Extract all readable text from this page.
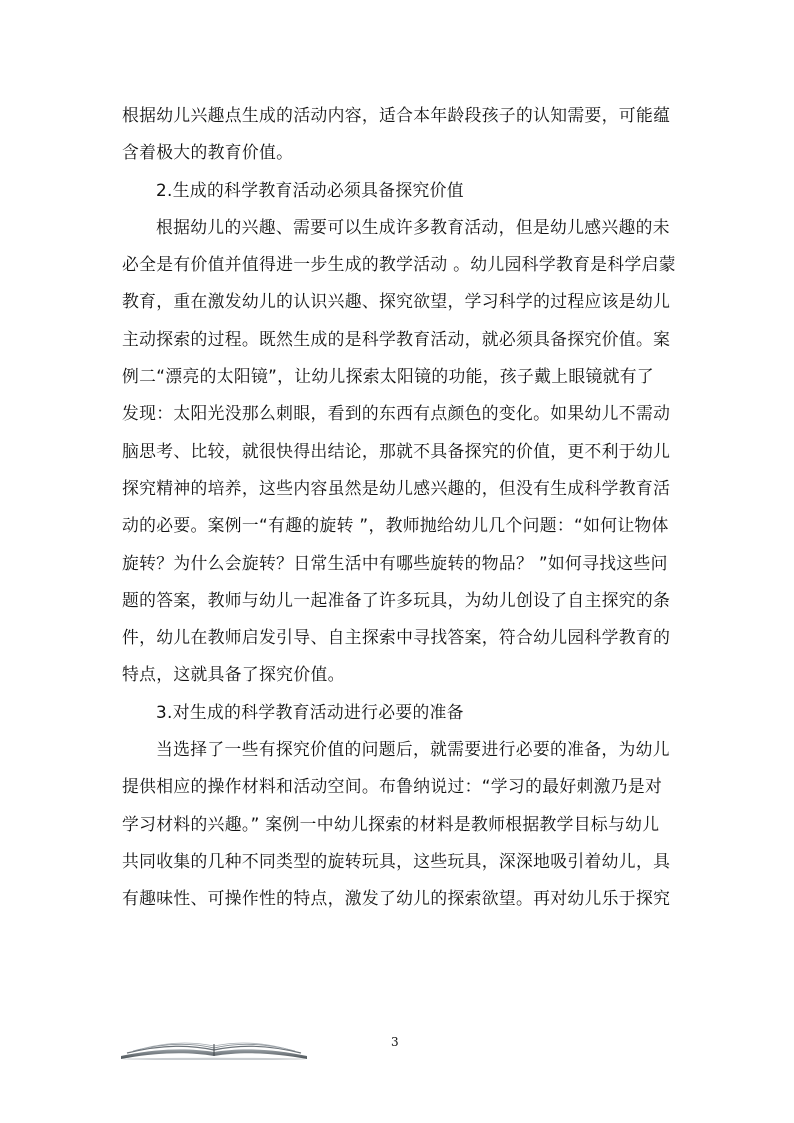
根据幼儿兴趣点生成的活动内容，适合本年龄段孩子的认知需要，可能蕴
含着极大的教育价值。
2.生成的科学教育活动必须具备探究价值
根据幼儿的兴趣、需要可以生成许多教育活动，但是幼儿感兴趣的未
必全是有价值并值得进一步生成的教学活动 。幼儿园科学教育是科学启蒙
教育，重在激发幼儿的认识兴趣、探究欲望，学习科学的过程应该是幼儿
主动探索的过程。既然生成的是科学教育活动，就必须具备探究价值。案
例二“漂亮的太阳镜”，让幼儿探索太阳镜的功能，孩子戴上眼镜就有了
发现：太阳光没那么刺眼，看到的东西有点颜色的变化。如果幼儿不需动
脑思考、比较，就很快得出结论，那就不具备探究的价值，更不利于幼儿
探究精神的培养，这些内容虽然是幼儿感兴趣的，但没有生成科学教育活
动的必要。案例一“有趣的旋转 ”，教师抛给幼儿几个问题：“如何让物体
旋转？为什么会旋转？日常生活中有哪些旋转的物品？ ”如何寻找这些问
题的答案，教师与幼儿一起准备了许多玩具，为幼儿创设了自主探究的条
件，幼儿在教师启发引导、自主探索中寻找答案，符合幼儿园科学教育的
特点，这就具备了探究价值。
3.对生成的科学教育活动进行必要的准备
当选择了一些有探究价值的问题后，就需要进行必要的准备，为幼儿
提供相应的操作材料和活动空间。布鲁纳说过：“学习的最好刺激乃是对
学习材料的兴趣。” 案例一中幼儿探索的材料是教师根据教学目标与幼儿
共同收集的几种不同类型的旋转玩具，这些玩具，深深地吸引着幼儿，具
有趣味性、可操作性的特点，激发了幼儿的探索欲望。再对幼儿乐于探究
3
